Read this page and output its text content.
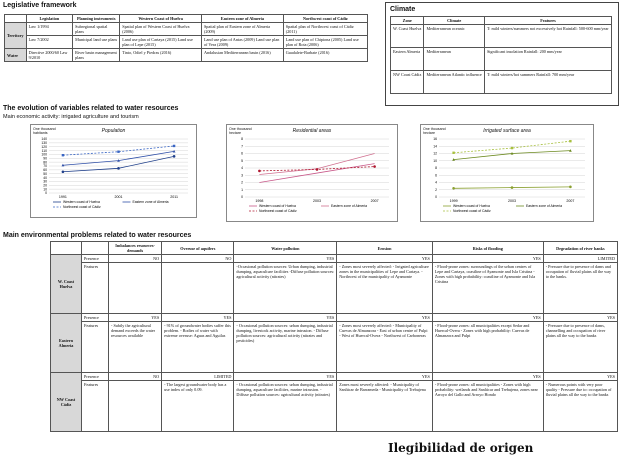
Legislative framework
	Legislation	Planning instruments	Western Coast of Huelva	Eastern zone of Almeria	Northwest coast of Cádiz
Territory	Law 1/1994	Subregional spatial plans	Spatial plan of Western Coast of Huelva (2006)	Spatial plan of Eastern zone of Almeria (2009)	Spatial plan of Northwest coast of Cádiz (2011)
	Law 7/2002	Municipal land use plans	Land use plan of Cartaya (2015) Land use plan of Lepe (2015)	Land use plan of Antas (2009) Land use plan of Vera (2009)	Land use plan of Chipiona (2005) Land use plan of Rota (2006)
Water	Directive 2000/60 Law 9/2010	River basin management plans	Tinto, Odiel y Piedras (2016)	Andalusian Mediterranean basin (2016)	Guadalete-Barbate (2016)
Climate
Zone	Climate	Features
W. Coast Huelva	Mediterranean oceanic	T: mild winters/summers not excessively hot Rainfall: 500-600 mm/year
Eastern Almeria	Mediterranean	Significant insolation Rainfall: 200 mm/year
NW Coast Cádiz	Mediterranean Atlantic influence	T: mild winters/hot summers Rainfall: 700 mm/year
The evolution of variables related to water resources
Main economic activity: irrigated agriculture and tourism
Population
One thousand habitants
0
10
20
30
40
50
60
70
80
90
100
110
120
130
140
1991	2001	2011
Western coast of Huelva	Eastern zone of Almeria
Northwest coast of Cádiz
Residential areas
One thousand hectare
0
1
2
3
4
5
6
7
8
1998	2003	2007
Western coast of Huelva	Eastern zone of Almeria
Northwest coast of Cádiz
Irrigated surface area
One thousand hectare
0
2
4
6
8
10
12
14
16
1999	2003	2007
Western coast of Huelva	Eastern zone of Almeria
Northwest coast of Cádiz
Main environmental problems related to water resources
		Imbalances resources-demands	Overuse of aquifers	Water pollution	Erosion	Risks of flooding	Degradation of river banks
W. Coast Huelva	Presence	NO	NO	YES	YES	YES	LIMITED
	Features			-Occasional pollution sources: Urban dumping, industrial dumping, aquaculture facilities -Diffuse pollution sources: agricultural activity (nitrates)	- Zones most severely affected: - Irrigated agriculture zones in the municipalities of Lepe and Cartaya. - Northwest of the municipality of Ayamonte	- Flood-prone zones: surroundings of the urban centres of Lepe and Cartaya, coastline of Ayamonte and Isla Cristina - Zones with high probability: coastline of Ayamonte and Isla Cristina	- Pressure due to presence of dams and occupation of fluvial plains all the way to the banks.
Eastern Almeria	Presence	YES	YES	YES	YES	YES	YES
	Features	- Subtly the agricultural demand exceeds the water resources available	- 91% of groundwater bodies suffer this problem. - Bodies of water with extreme overuse: Aguas and Aguilas	- Occasional pollution sources: urban dumping, industrial dumping, livestock activity, marine intrusion. - Diffuse pollution sources: agricultural activity (nitrates and pesticides)	- Zones most severely affected: - Municipality of Cuevas de Almanzora - East of urban centre of Pulpi - West of Huercal-Overa - Northwest of Carboneras	- Flood-prone zones: all municipalities except Sedar and Huercal-Overa - Zones with high probability: Cuevas de Almanzora and Pulpi	- Pressure due to presence of dams, channelling and occupation of river plains all the way to the banks
NW Coast Cádiz	Presence	NO	LIMITED	YES	YES	YES	YES
	Features		- The largest groundwater body has a use index of only 0.09.	- Occasional pollution sources: urban dumping, industrial dumping, aquaculture facilities, marine intrusion. - Diffuse pollution sources: agricultural activity (nitrates)	Zones most severely affected: - Municipality of Sanlúcar de Barrameda - Municipality of Trebujena	- Flood-prone zones: all municipalities - Zones with high probability: wetlands and Sanlúcar and Trebujena, zones near Arroyo del Gallo and Arroyo Hondo	- Numerous points with very poor quality - Pressure due to: occupation of fluvial plains all the way to the banks
Ilegibilidad de origen
